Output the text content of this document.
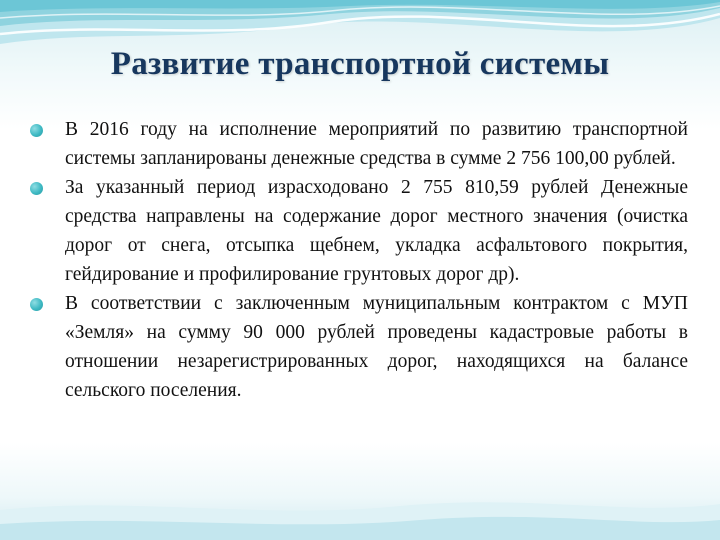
Развитие транспортной системы
В 2016 году на исполнение мероприятий по развитию транспортной системы запланированы денежные средства в сумме 2 756 100,00 рублей.
За указанный период израсходовано 2 755 810,59 рублей Денежные средства направлены на содержание дорог местного значения (очистка дорог от снега, отсыпка щебнем, укладка асфальтового покрытия, гейдирование и профилирование грунтовых дорог др).
В соответствии с заключенным муниципальным контрактом с МУП «Земля» на сумму 90 000 рублей проведены кадастровые работы в отношении незарегистрированных дорог, находящихся на балансе сельского поселения.
